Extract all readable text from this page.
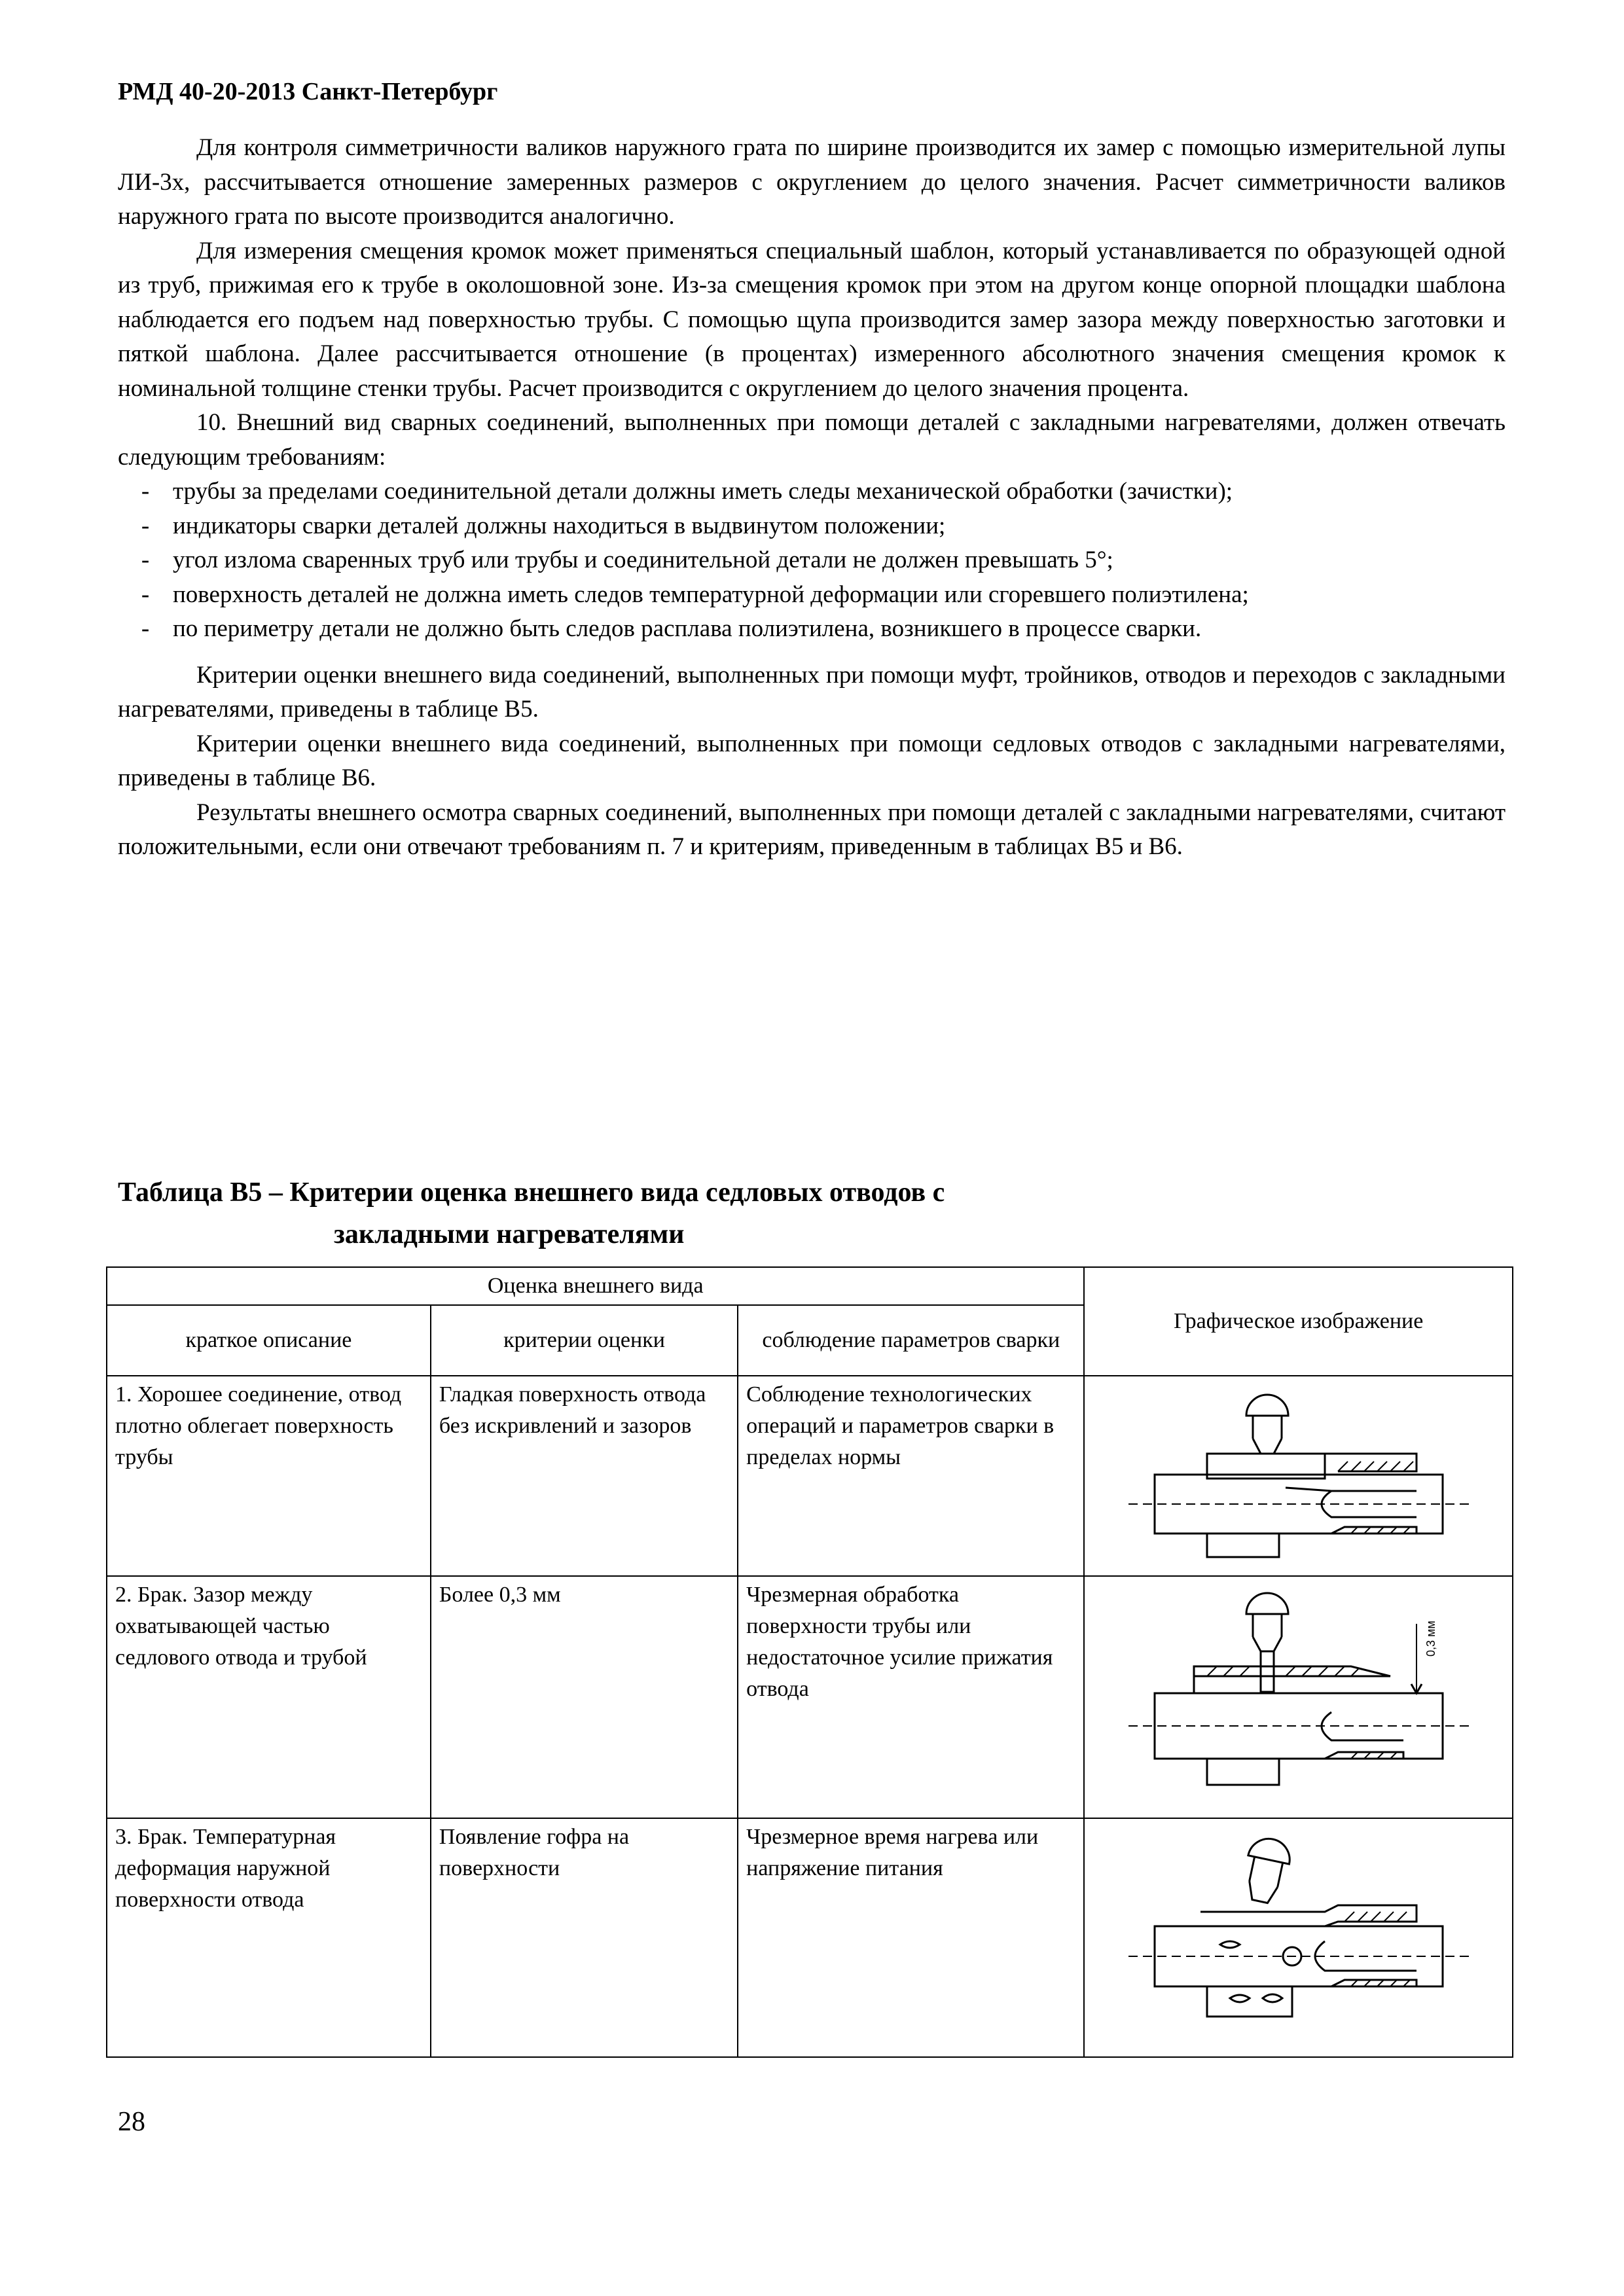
РМД 40-20-2013 Санкт-Петербург

Для контроля симметричности валиков наружного грата по ширине производится их замер с помощью измерительной лупы ЛИ-3х, рассчитывается отношение замеренных размеров с округлением до целого значения. Расчет симметричности валиков наружного грата по высоте производится аналогично.

Для измерения смещения кромок может применяться специальный шаблон, который устанавливается по образующей одной из труб, прижимая его к трубе в околошовной зоне. Из-за смещения кромок при этом на другом конце опорной площадки шаблона наблюдается его подъем над поверхностью трубы. С помощью щупа производится замер зазора между поверхностью заготовки и пяткой шаблона. Далее рассчитывается отношение (в процентах) измеренного абсолютного значения смещения кромок к номинальной толщине стенки трубы. Расчет производится с округлением до целого значения процента.

10. Внешний вид сварных соединений, выполненных при помощи деталей с закладными нагревателями, должен отвечать следующим требованиям:

- трубы за пределами соединительной детали должны иметь следы механической обработки (зачистки);
- индикаторы сварки деталей должны находиться в выдвинутом положении;
- угол излома сваренных труб или трубы и соединительной детали не должен превышать 5°;
- поверхность деталей не должна иметь следов температурной деформации или сгоревшего полиэтилена;
- по периметру детали не должно быть следов расплава полиэтилена, возникшего в процессе сварки.

Критерии оценки внешнего вида соединений, выполненных при помощи муфт, тройников, отводов и переходов с закладными нагревателями, приведены в таблице В5.

Критерии оценки внешнего вида соединений, выполненных при помощи седловых отводов с закладными нагревателями, приведены в таблице В6.

Результаты внешнего осмотра сварных соединений, выполненных при помощи деталей с закладными нагревателями, считают положительными, если они отвечают требованиям п. 7 и критериям, приведенным в таблицах В5 и В6.

Таблица В5 – Критерии оценка внешнего вида седловых отводов с
закладными нагревателями
Оценка внешнего вида			Графическое изображение
краткое описание	критерии оценки	соблюдение параметров сварки	
1. Хорошее соединение, отвод плотно облегает поверхность трубы	Гладкая поверхность отвода без искривлений и зазоров	Соблюдение технологических операций и параметров сварки в пределах нормы	
2. Брак. Зазор между охватывающей частью седлового отвода и трубой	Более 0,3 мм	Чрезмерная обработка поверхности трубы или недостаточное усилие прижатия отвода	0,3 мм

3. Брак. Температурная деформация наружной поверхности отвода	Появление гофра на поверхности	Чрезмерное время нагрева или напряжение питания	
28
